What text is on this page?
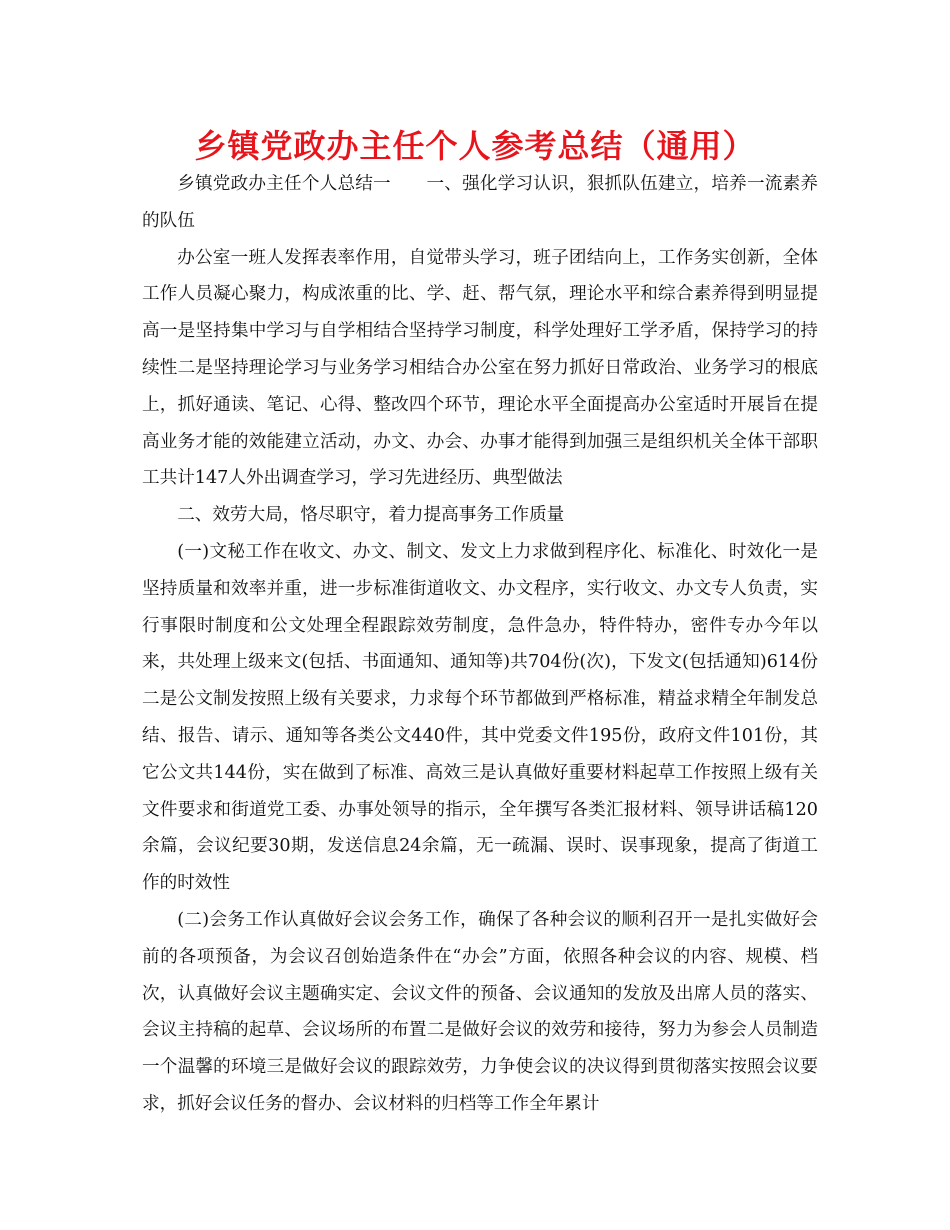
乡镇党政办主任个人参考总结（通用）

乡镇党政办主任个人总结一　　一、强化学习认识，狠抓队伍建立，培养一流素养的队伍

办公室一班人发挥表率作用，自觉带头学习，班子团结向上，工作务实创新，全体工作人员凝心聚力，构成浓重的比、学、赶、帮气氛，理论水平和综合素养得到明显提高一是坚持集中学习与自学相结合坚持学习制度，科学处理好工学矛盾，保持学习的持续性二是坚持理论学习与业务学习相结合办公室在努力抓好日常政治、业务学习的根底上，抓好通读、笔记、心得、整改四个环节，理论水平全面提高办公室适时开展旨在提高业务才能的效能建立活动，办文、办会、办事才能得到加强三是组织机关全体干部职工共计147人外出调查学习，学习先进经历、典型做法

二、效劳大局，恪尽职守，着力提高事务工作质量

(一)文秘工作在收文、办文、制文、发文上力求做到程序化、标准化、时效化一是坚持质量和效率并重，进一步标准街道收文、办文程序，实行收文、办文专人负责，实行事限时制度和公文处理全程跟踪效劳制度，急件急办，特件特办，密件专办今年以来，共处理上级来文(包括、书面通知、通知等)共704份(次)，下发文(包括通知)614份二是公文制发按照上级有关要求，力求每个环节都做到严格标准，精益求精全年制发总结、报告、请示、通知等各类公文440件，其中党委文件195份，政府文件101份，其它公文共144份，实在做到了标准、高效三是认真做好重要材料起草工作按照上级有关文件要求和街道党工委、办事处领导的指示，全年撰写各类汇报材料、领导讲话稿120余篇，会议纪要30期，发送信息24余篇，无一疏漏、误时、误事现象，提高了街道工作的时效性

(二)会务工作认真做好会议会务工作，确保了各种会议的顺利召开一是扎实做好会前的各项预备，为会议召创始造条件在“办会”方面，依照各种会议的内容、规模、档次，认真做好会议主题确实定、会议文件的预备、会议通知的发放及出席人员的落实、会议主持稿的起草、会议场所的布置二是做好会议的效劳和接待，努力为参会人员制造一个温馨的环境三是做好会议的跟踪效劳，力争使会议的决议得到贯彻落实按照会议要求，抓好会议任务的督办、会议材料的归档等工作全年累计
